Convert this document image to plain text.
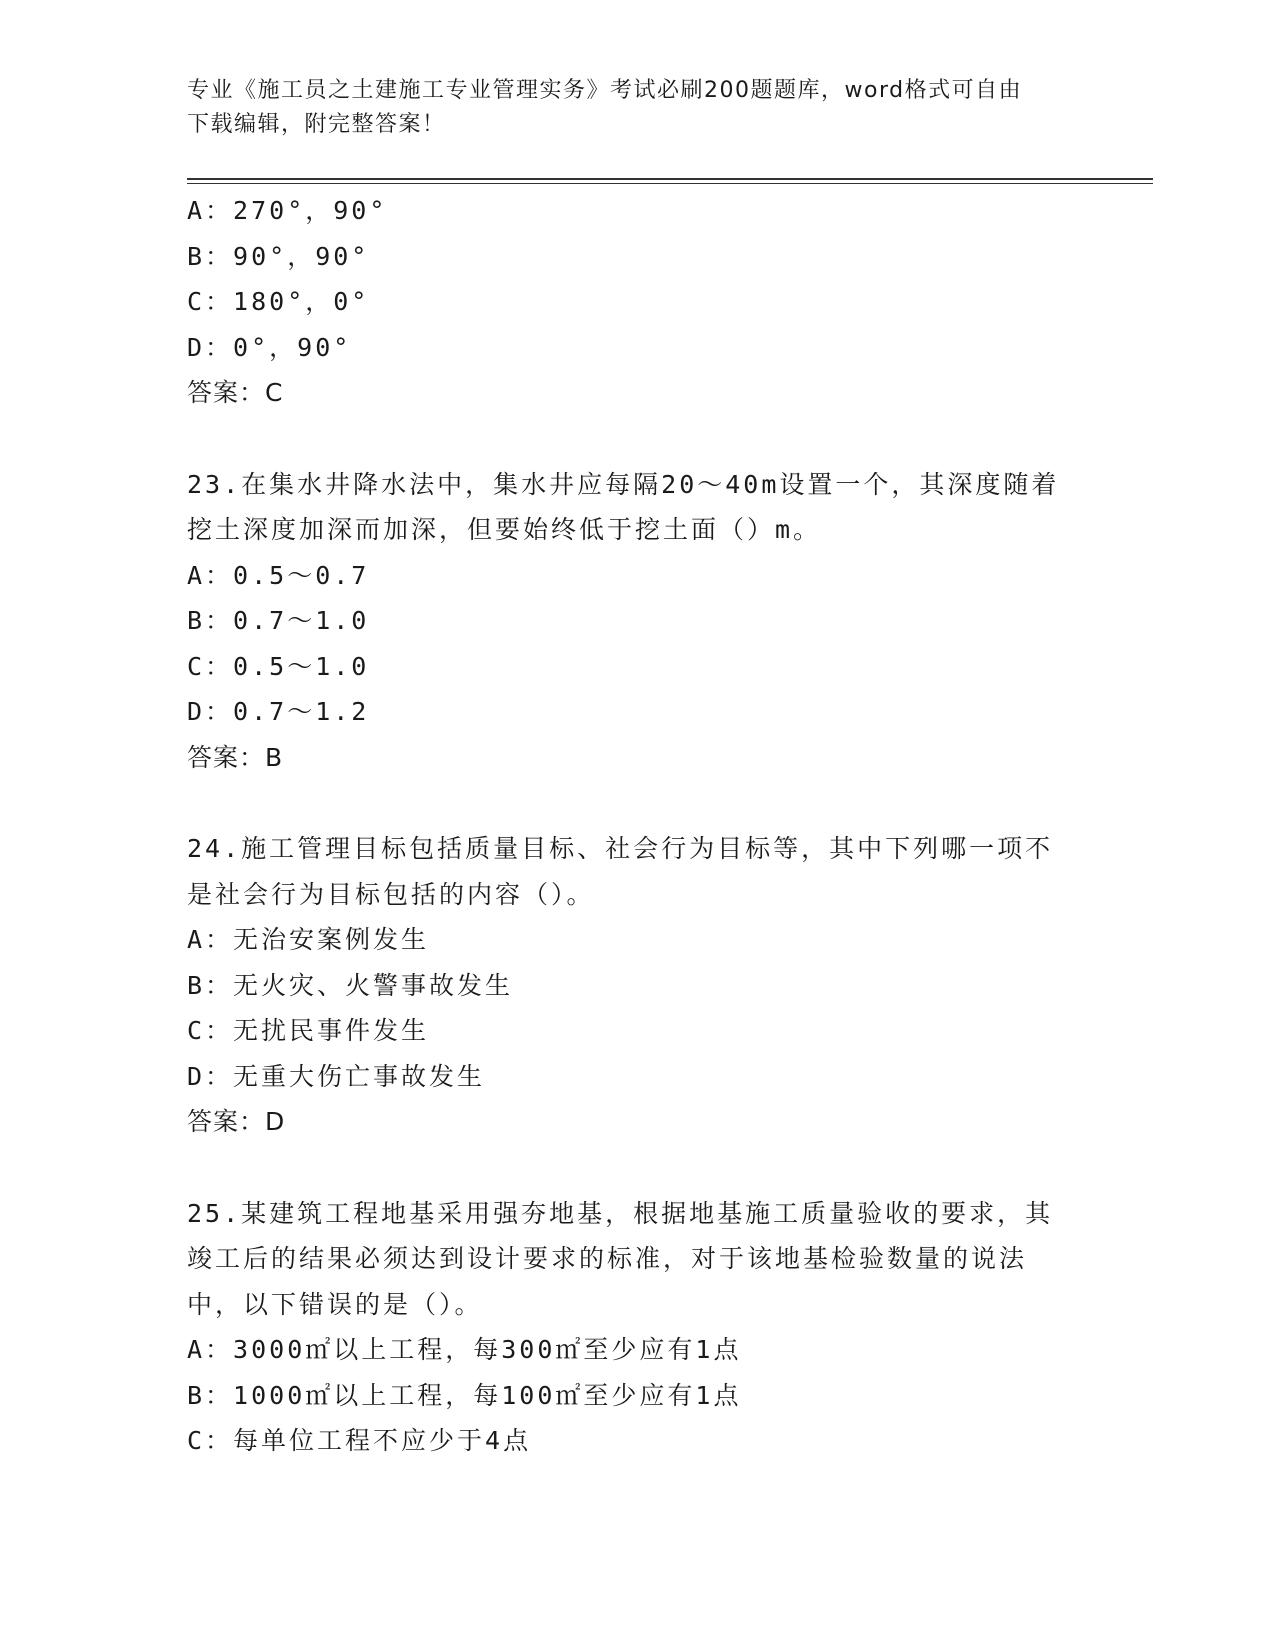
专业《施工员之土建施工专业管理实务》考试必刷200题题库，word格式可自由
下载编辑，附完整答案！
A：270°，90°
B：90°，90°
C：180°，0°
D：0°，90°
答案：C
23.在集水井降水法中，集水井应每隔20～40m设置一个，其深度随着挖土深度加深而加深，但要始终低于挖土面（）m。
A：0.5～0.7
B：0.7～1.0
C：0.5～1.0
D：0.7～1.2
答案：B
24.施工管理目标包括质量目标、社会行为目标等，其中下列哪一项不是社会行为目标包括的内容（）。
A：无治安案例发生
B：无火灾、火警事故发生
C：无扰民事件发生
D：无重大伤亡事故发生
答案：D
25.某建筑工程地基采用强夯地基，根据地基施工质量验收的要求，其竣工后的结果必须达到设计要求的标准，对于该地基检验数量的说法中，以下错误的是（）。
A：3000㎡以上工程，每300㎡至少应有1点
B：1000㎡以上工程，每100㎡至少应有1点
C：每单位工程不应少于4点
